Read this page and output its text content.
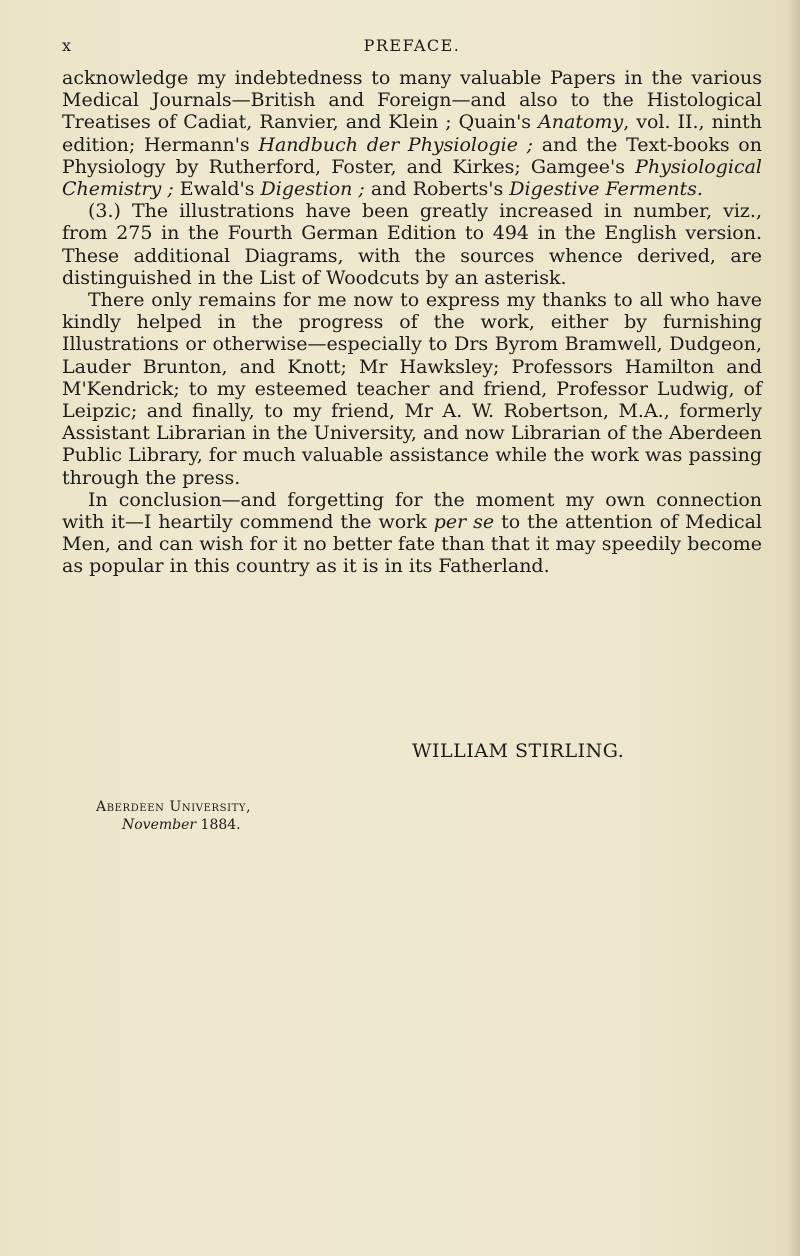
x	PREFACE.

acknowledge my indebtedness to many valuable Papers in the various Medical Journals—British and Foreign—and also to the Histological Treatises of Cadiat, Ranvier, and Klein ; Quain's Anatomy, vol. II., ninth edition; Hermann's Handbuch der Physiologie ; and the Text-books on Physiology by Rutherford, Foster, and Kirkes; Gamgee's Physiological Chemistry ; Ewald's Digestion ; and Roberts's Digestive Ferments.

(3.) The illustrations have been greatly increased in number, viz., from 275 in the Fourth German Edition to 494 in the English version. These additional Diagrams, with the sources whence derived, are distinguished in the List of Woodcuts by an asterisk.

There only remains for me now to express my thanks to all who have kindly helped in the progress of the work, either by furnishing Illustrations or otherwise—especially to Drs Byrom Bramwell, Dudgeon, Lauder Brunton, and Knott; Mr Hawksley; Professors Hamilton and M'Kendrick; to my esteemed teacher and friend, Professor Ludwig, of Leipzic; and finally, to my friend, Mr A. W. Robertson, M.A., formerly Assistant Librarian in the University, and now Librarian of the Aberdeen Public Library, for much valuable assistance while the work was passing through the press.

In conclusion—and forgetting for the moment my own connection with it—I heartily commend the work per se to the attention of Medical Men, and can wish for it no better fate than that it may speedily become as popular in this country as it is in its Fatherland.

WILLIAM STIRLING.
Aberdeen University,
November 1884.
